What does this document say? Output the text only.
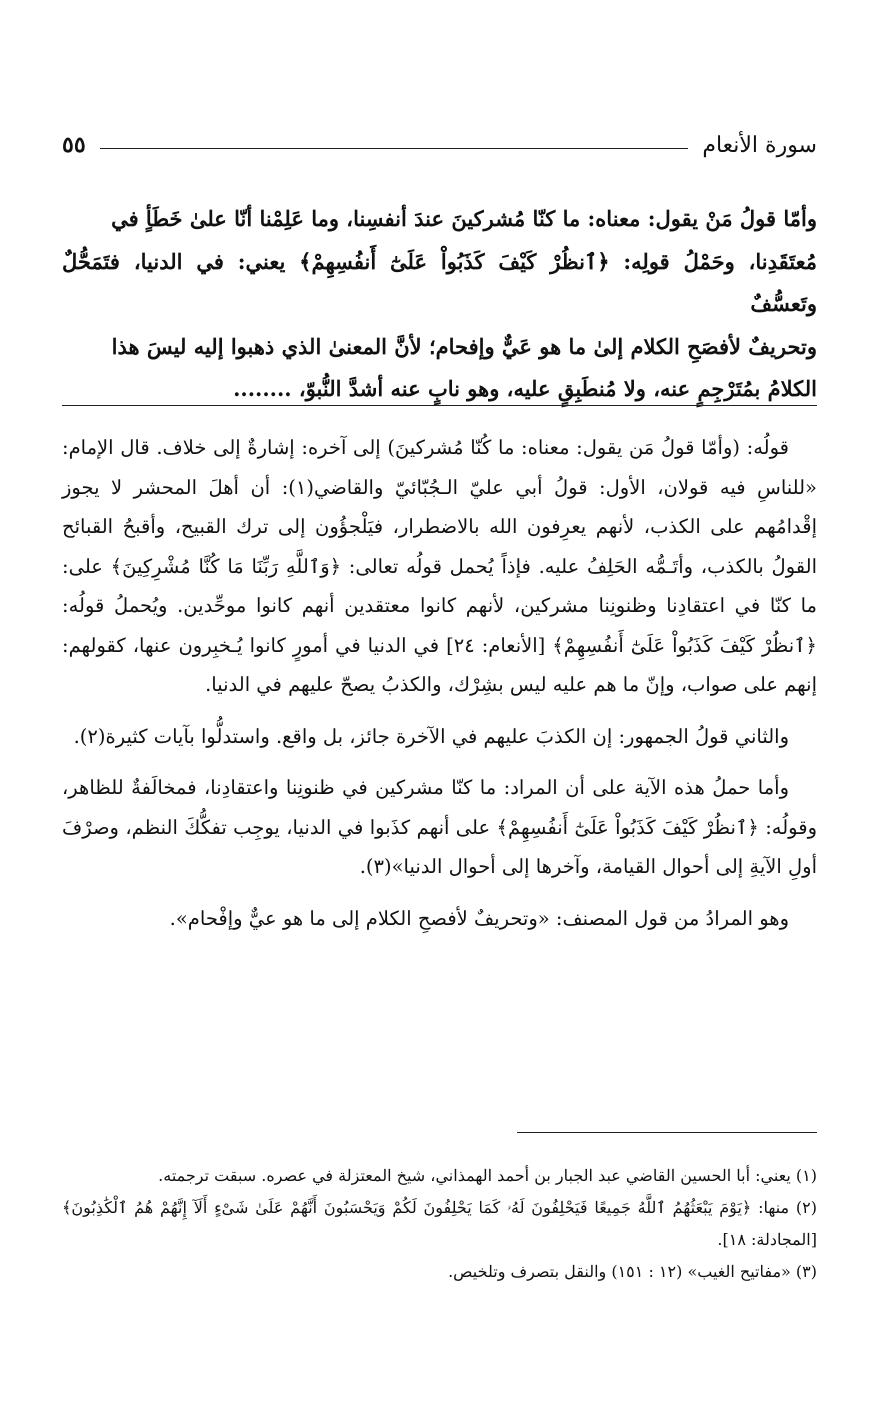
سورة الأنعام
٥٥

وأمّا قولُ مَنْ يقول: معناه: ما كنّا مُشركينَ عندَ أنفسِنا، وما عَلِمْنا أنّا علىٰ خَطَأٍ في

مُعتَقَدِنا، وحَمْلُ قولِه: ﴿ٱنظُرْ كَيْفَ كَذَبُواْ عَلَىٰٓ أَنفُسِهِمْ﴾ يعني: في الدنيا، فتَمَحُّلٌ وتَعسُّفٌ

وتحريفٌ لأفصَحِ الكلام إلىٰ ما هو عَيٌّ وإفحام؛ لأنَّ المعنىٰ الذي ذهبوا إليه ليسَ هذا

الكلامُ بمُتَرْجِمٍ عنه، ولا مُنطَبِقٍ عليه، وهو نابٍ عنه أشدَّ النُّبوّ، ........

قولُه: (وأمّا قولُ مَن يقول: معناه: ما كُنّا مُشركينَ) إلى آخره: إشارةٌ إلى خلاف. قال الإمام: «للناسِ فيه قولان، الأول: قولُ أبي عليّ الـجُبّائيّ والقاضي(١): أن أهلَ المحشر لا يجوز إقْدامُهم على الكذب، لأنهم يعرِفون الله بالاضطرار، فيَلْجؤُون إلى ترك القبيح، وأقبحُ القبائح القولُ بالكذب، وأتَـمُّه الحَلِفُ عليه. فإذاً يُحمل قولُه تعالى: ﴿وَٱللَّهِ رَبِّنَا مَا كُنَّا مُشْرِكِينَ﴾ على: ما كنّا في اعتقادِنا وظنونِنا مشركين، لأنهم كانوا معتقدين أنهم كانوا موحِّدين. ويُحملُ قولُه: ﴿ٱنظُرْ كَيْفَ كَذَبُواْ عَلَىٰٓ أَنفُسِهِمْ﴾ [الأنعام: ٢٤] في الدنيا في أمورٍ كانوا يُـخبِرون عنها، كقولهم: إنهم على صواب، وإنّ ما هم عليه ليس بشِرْك، والكذبُ يصحّ عليهم في الدنيا.

والثاني قولُ الجمهور: إن الكذبَ عليهم في الآخرة جائز، بل واقع. واستدلُّوا بآيات كثيرة(٢).

وأما حملُ هذه الآية على أن المراد: ما كنّا مشركين في ظنونِنا واعتقادِنا، فمخالَفةٌ للظاهر، وقولُه: ﴿ٱنظُرْ كَيْفَ كَذَبُواْ عَلَىٰٓ أَنفُسِهِمْ﴾ على أنهم كذَبوا في الدنيا، يوجِب تفكُّكَ النظم، وصرْفَ أولِ الآيةِ إلى أحوال القيامة، وآخرها إلى أحوال الدنيا»(٣).

وهو المرادُ من قول المصنف: «وتحريفٌ لأفصحِ الكلام إلى ما هو عيٌّ وإفْحام».

(١) يعني: أبا الحسين القاضي عبد الجبار بن أحمد الهمذاني، شيخ المعتزلة في عصره. سبقت ترجمته.

(٢) منها: ﴿يَوْمَ يَبْعَثُهُمُ ٱللَّهُ جَمِيعًا فَيَحْلِفُونَ لَهُۥ كَمَا يَحْلِفُونَ لَكُمْ وَيَحْسَبُونَ أَنَّهُمْ عَلَىٰ شَىْءٍ أَلَآ إِنَّهُمْ هُمُ ٱلْكَٰذِبُونَ﴾ [المجادلة: ١٨].

(٣) «مفاتيح الغيب» (١٢ : ١٥١) والنقل بتصرف وتلخيص.
